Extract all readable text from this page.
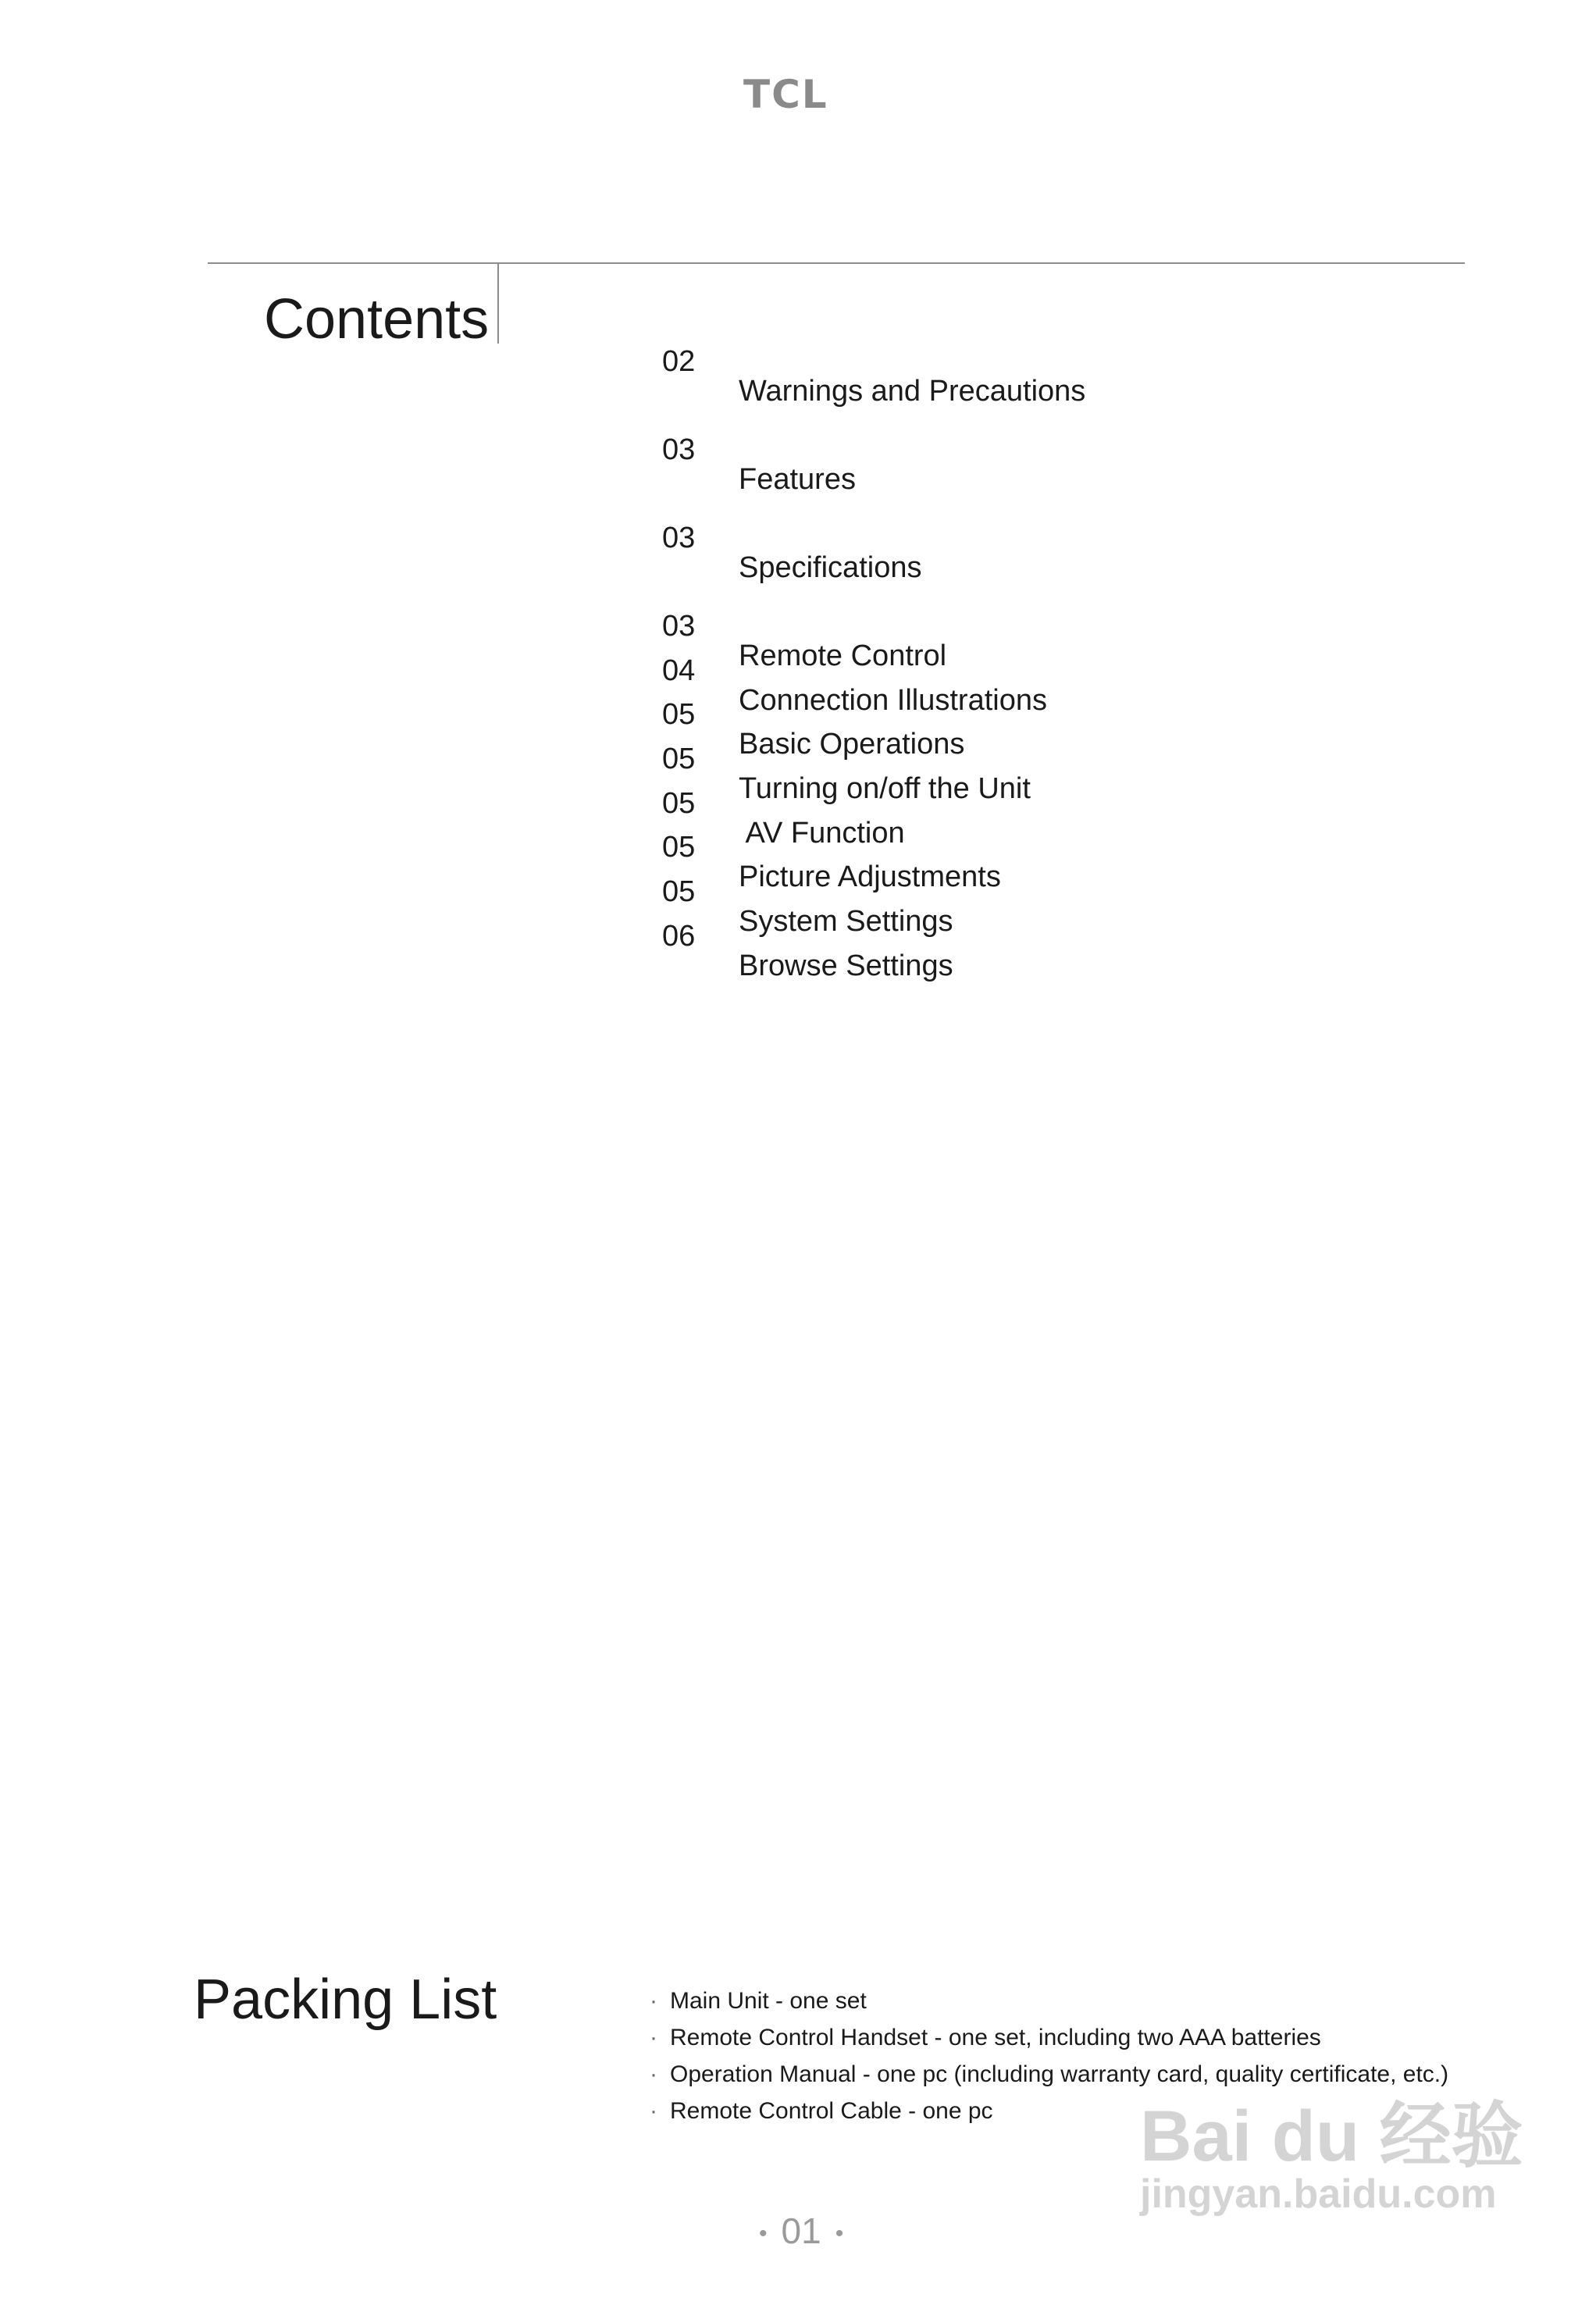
TCL
Contents

02

Warnings and Precautions

03

Features

03

Specifications

03

Remote Control

04

Connection Illustrations

05

Basic Operations

05

Turning on/off the Unit

05

AV Function

05

Picture Adjustments

05

System Settings

06

Browse Settings

Packing List	· Main Unit - one set
· Remote Control Handset - one set, including two AAA batteries
· Operation Manual - one pc (including warranty card, quality certificate, etc.)
· Remote Control Cable - one pc
• 01 •
Bai du 经验
jingyan.baidu.com
